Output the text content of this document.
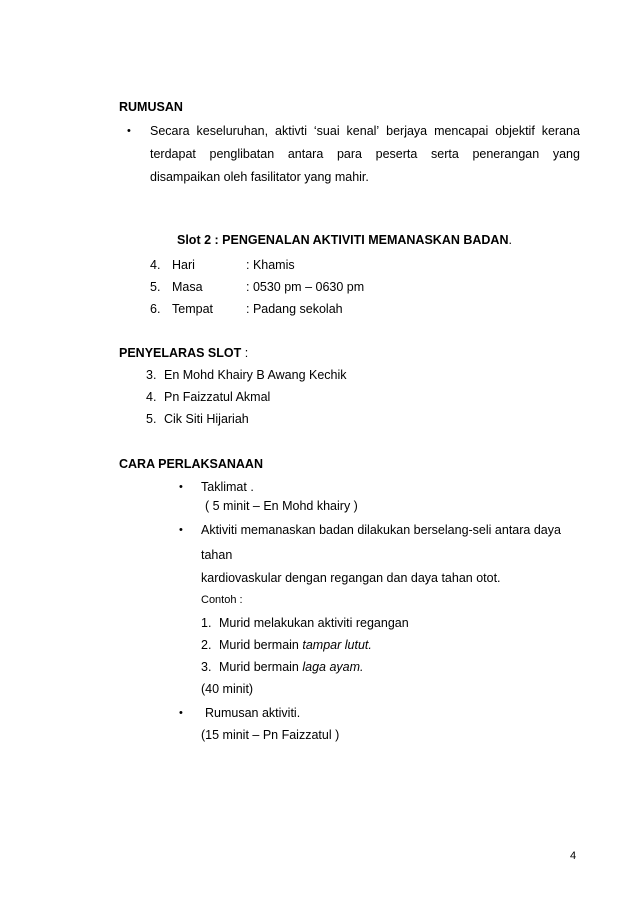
RUMUSAN
• Secara keseluruhan, aktivti ‘suai kenal’ berjaya mencapai objektif kerana
terdapat penglibatan antara para peserta serta penerangan yang
disampaikan oleh fasilitator yang mahir.
Slot 2 : PENGENALAN AKTIVITI MEMANASKAN BADAN.
4. Hari	: Khamis
5. Masa	: 0530 pm – 0630 pm
6. Tempat	: Padang sekolah
PENYELARAS SLOT :
3. En Mohd Khairy B Awang Kechik
4. Pn Faizzatul Akmal
5. Cik Siti Hijariah
CARA PERLAKSANAAN
• Taklimat .
( 5 minit – En Mohd khairy )
• Aktiviti memanaskan badan dilakukan berselang-seli antara daya
tahan
kardiovaskular dengan regangan dan daya tahan otot.
Contoh :
1. Murid melakukan aktiviti regangan
2. Murid bermain tampar lutut.
3. Murid bermain laga ayam.
(40 minit)
• Rumusan aktiviti.
(15 minit – Pn Faizzatul )
4
